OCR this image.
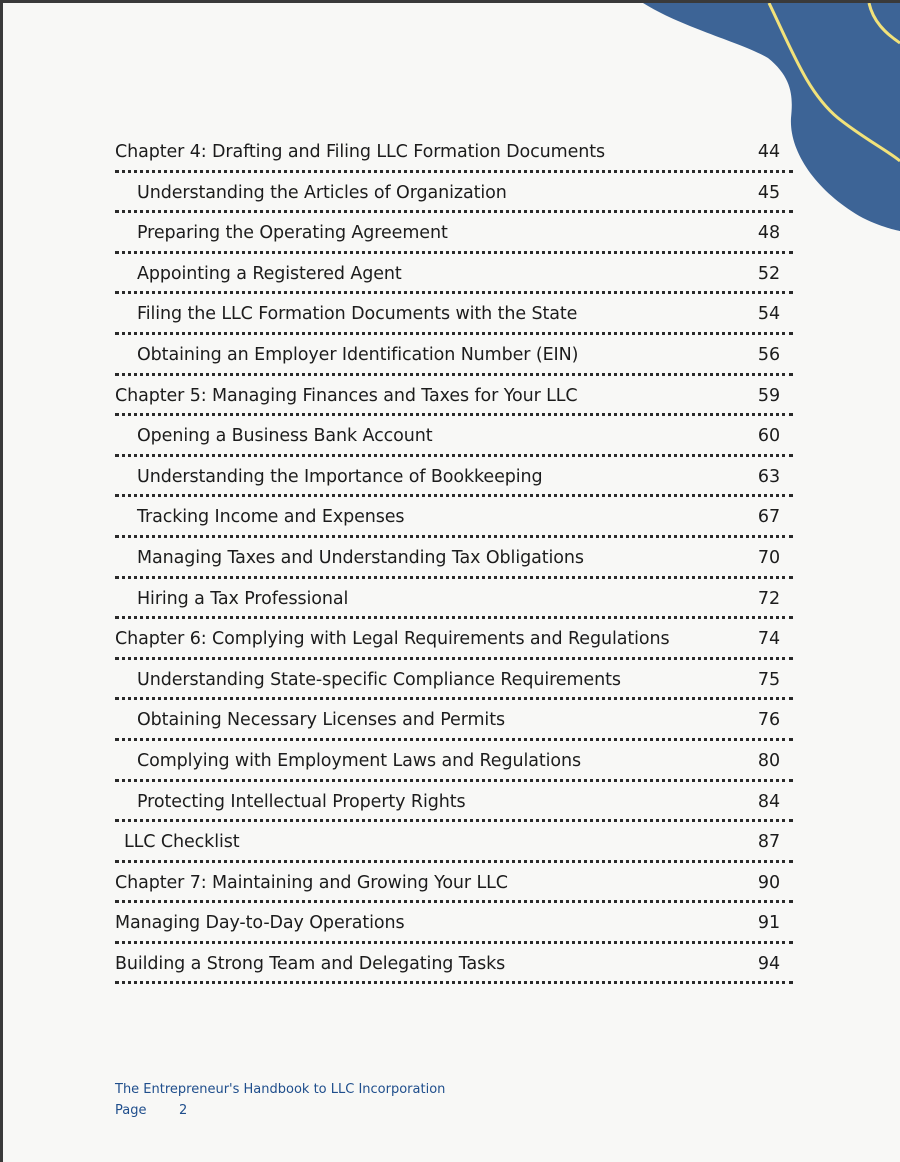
Chapter 4: Drafting and Filing LLC Formation Documents	44
Understanding the Articles of Organization	45
Preparing the Operating Agreement	48
Appointing a Registered Agent	52
Filing the LLC Formation Documents with the State	54
Obtaining an Employer Identification Number (EIN)	56
Chapter 5: Managing Finances and Taxes for Your LLC	59
Opening a Business Bank Account	60
Understanding the Importance of Bookkeeping	63
Tracking Income and Expenses	67
Managing Taxes and Understanding Tax Obligations	70
Hiring a Tax Professional	72
Chapter 6: Complying with Legal Requirements and Regulations	74
Understanding State-specific Compliance Requirements	75
Obtaining Necessary Licenses and Permits	76
Complying with Employment Laws and Regulations	80
Protecting Intellectual Property Rights	84
LLC Checklist	87
Chapter 7: Maintaining and Growing Your LLC	90
Managing Day-to-Day Operations	91
Building a Strong Team and Delegating Tasks	94
The Entrepreneur's Handbook to LLC Incorporation
Page	2
